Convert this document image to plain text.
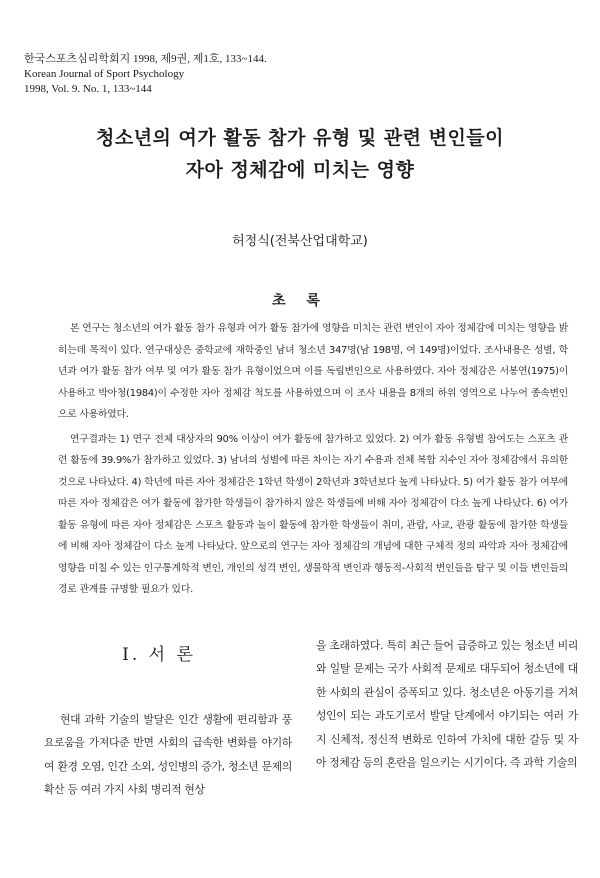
한국스포츠심리학회지 1998, 제9권, 제1호, 133~144.
Korean Journal of Sport Psychology
1998, Vol. 9. No. 1, 133~144
청소년의 여가 활동 참가 유형 및 관련 변인들이
자아 정체감에 미치는 영향
허정식(전북산업대학교)
초 록

본 연구는 청소년의 여가 활동 참가 유형과 여가 활동 참가에 영향을 미치는 관련 변인이 자아 정체감에 미치는 영향을 밝히는데 목적이 있다. 연구대상은 중학교에 재학중인 남녀 청소년 347명(남 198명, 여 149명)이었다. 조사내용은 성별, 학년과 여가 활동 참가 여부 및 여가 활동 참가 유형이었으며 이를 독립변인으로 사용하였다. 자아 정체감은 서봉연(1975)이 사용하고 박아청(1984)이 수정한 자아 정체감 척도를 사용하였으며 이 조사 내용을 8개의 하위 영역으로 나누어 종속변인으로 사용하였다.

연구결과는 1) 연구 전체 대상자의 90% 이상이 여가 활동에 참가하고 있었다. 2) 여가 활동 유형별 참여도는 스포츠 관련 활동에 39.9%가 참가하고 있었다. 3) 남녀의 성별에 따른 차이는 자기 수용과 전체 복합 지수인 자아 정체감에서 유의한 것으로 나타났다. 4) 학년에 따른 자아 정체감은 1학년 학생이 2학년과 3학년보다 높게 나타났다. 5) 여가 활동 참가 여부에 따른 자아 정체감은 여가 활동에 참가한 학생들이 참가하지 않은 학생들에 비해 자아 정체감이 다소 높게 나타났다. 6) 여가 활동 유형에 따른 자아 정체감은 스포츠 활동과 놀이 활동에 참가한 학생들이 취미, 관람, 사교, 관광 활동에 참가한 학생들에 비해 자아 정체감이 다소 높게 나타났다. 앞으로의 연구는 자아 정체감의 개념에 대한 구체적 정의 파악과 자아 정체감에 영향을 미칠 수 있는 인구통계학적 변인, 개인의 성격 변인, 생물학적 변인과 행동적-사회적 변인들을 탐구 및 이들 변인들의 경로 관계를 규명할 필요가 있다.

I. 서 론

현대 과학 기술의 발달은 인간 생활에 편리함과 풍요로움을 가져다준 반면 사회의 급속한 변화를 야기하여 환경 오염, 인간 소외, 성인병의 증가, 청소년 문제의 확산 등 여러 가지 사회 병리적 현상

을 초래하였다. 특히 최근 들어 급증하고 있는 청소년 비리와 일탈 문제는 국가 사회적 문제로 대두되어 청소년에 대한 사회의 관심이 증폭되고 있다. 청소년은 아동기를 거쳐 성인이 되는 과도기로서 발달 단계에서 야기되는 여러 가지 신체적, 정신적 변화로 인하여 가치에 대한 갈등 및 자아 정체감 등의 혼란을 일으키는 시기이다. 즉 과학 기술의
